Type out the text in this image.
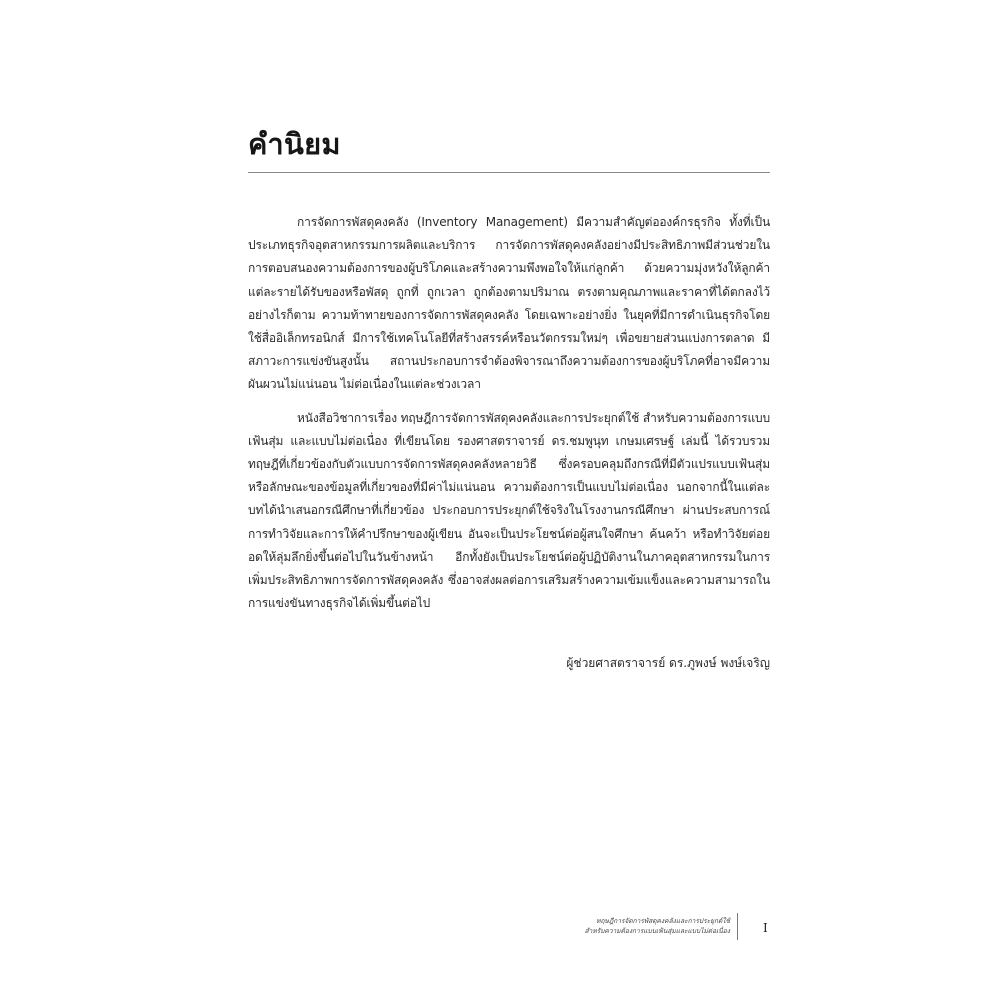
คำนิยม

การจัดการพัสดุคงคลัง (Inventory Management) มีความสำคัญต่อองค์กรธุรกิจ ทั้งที่เป็นประเภทธุรกิจอุตสาหกรรมการผลิตและบริการ การจัดการพัสดุคงคลังอย่างมีประสิทธิภาพมีส่วนช่วยในการตอบสนองความต้องการของผู้บริโภคและสร้างความพึงพอใจให้แก่ลูกค้า ด้วยความมุ่งหวังให้ลูกค้าแต่ละรายได้รับของหรือพัสดุ ถูกที่ ถูกเวลา ถูกต้องตามปริมาณ ตรงตามคุณภาพและราคาที่ได้ตกลงไว้ อย่างไรก็ตาม ความท้าทายของการจัดการพัสดุคงคลัง โดยเฉพาะอย่างยิ่ง ในยุคที่มีการดำเนินธุรกิจโดยใช้สื่ออิเล็กทรอนิกส์ มีการใช้เทคโนโลยีที่สร้างสรรค์หรือนวัตกรรมใหม่ๆ เพื่อขยายส่วนแบ่งการตลาด มีสภาวะการแข่งขันสูงนั้น สถานประกอบการจำต้องพิจารณาถึงความต้องการของผู้บริโภคที่อาจมีความผันผวนไม่แน่นอน ไม่ต่อเนื่องในแต่ละช่วงเวลา

หนังสือวิชาการเรื่อง ทฤษฎีการจัดการพัสดุคงคลังและการประยุกต์ใช้ สำหรับความต้องการแบบเฟ้นสุ่ม และแบบไม่ต่อเนื่อง ที่เขียนโดย รองศาสตราจารย์ ดร.ชมพูนุท เกษมเศรษฐ์ เล่มนี้ ได้รวบรวมทฤษฎีที่เกี่ยวข้องกับตัวแบบการจัดการพัสดุคงคลังหลายวิธี ซึ่งครอบคลุมถึงกรณีที่มีตัวแปรแบบเฟ้นสุ่ม หรือลักษณะของข้อมูลที่เกี่ยวของที่มีค่าไม่แน่นอน ความต้องการเป็นแบบไม่ต่อเนื่อง นอกจากนี้ในแต่ละบทได้นำเสนอกรณีศึกษาที่เกี่ยวข้อง ประกอบการประยุกต์ใช้จริงในโรงงานกรณีศึกษา ผ่านประสบการณ์การทำวิจัยและการให้คำปรึกษาของผู้เขียน อันจะเป็นประโยชน์ต่อผู้สนใจศึกษา ค้นคว้า หรือทำวิจัยต่อยอดให้ลุ่มลึกยิ่งขึ้นต่อไปในวันข้างหน้า อีกทั้งยังเป็นประโยชน์ต่อผู้ปฏิบัติงานในภาคอุตสาหกรรมในการเพิ่มประสิทธิภาพการจัดการพัสดุคงคลัง ซึ่งอาจส่งผลต่อการเสริมสร้างความเข้มแข็งและความสามารถในการแข่งขันทางธุรกิจได้เพิ่มขึ้นต่อไป

ผู้ช่วยศาสตราจารย์ ดร.ภูพงษ์ พงษ์เจริญ
ทฤษฎีการจัดการพัสดุคงคลังและการประยุกต์ใช้
สำหรับความต้องการแบบเฟ้นสุ่มและแบบไม่ต่อเนื่อง	I
